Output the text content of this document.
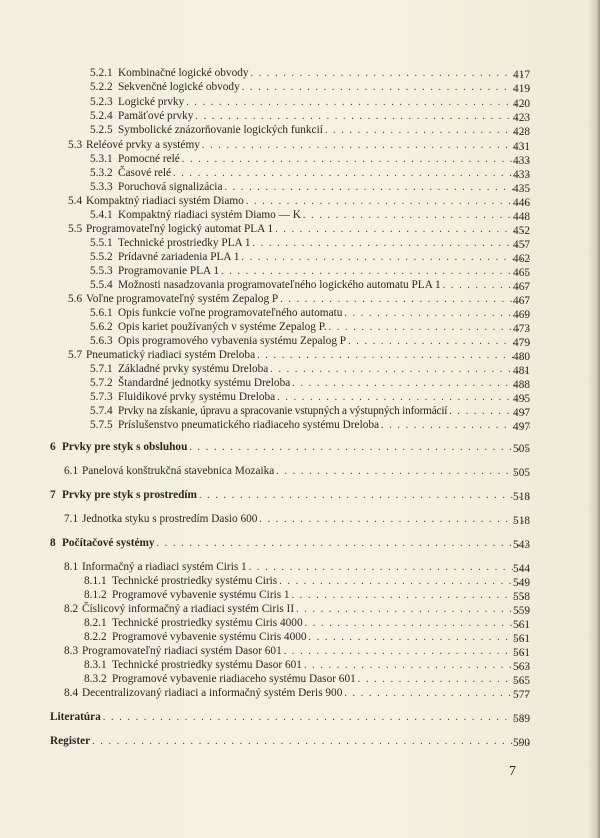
5.2.1 Kombinačné logické obvody . . .	417
5.2.2 Sekvenčné logické obvody . . .	419
5.2.3 Logické prvky . . .	420
5.2.4 Pamäťové prvky . . .	423
5.2.5 Symbolické znázorňovanie logických funkcií . . .	428
5.3 Reléové prvky a systémy . . .	431
5.3.1 Pomocné relé . . .	433
5.3.2 Časové relé . . .	433
5.3.3 Poruchová signalizácia . . .	435
5.4 Kompaktný riadiaci systém Diamo . . .	446
5.4.1 Kompaktný riadiaci systém Diamo — K . . .	448
5.5 Programovateľný logický automat PLA 1 . . .	452
5.5.1 Technické prostriedky PLA 1 . . .	457
5.5.2 Prídavné zariadenia PLA 1 . . .	462
5.5.3 Programovanie PLA 1 . . .	465
5.5.4 Možnosti nasadzovania programovateľného logického automatu PLA 1 . . .	467
5.6 Voľne programovateľný systém Zepalog P . . .	467
5.6.1 Opis funkcie voľne programovateľného automatu . . .	469
5.6.2 Opis kariet používaných v systéme Zepalog P. . . .	473
5.6.3 Opis programového vybavenia systému Zepalog P . . .	479
5.7 Pneumatický riadiaci systém Dreloba . . .	480
5.7.1 Základné prvky systému Dreloba . . .	481
5.7.2 Štandardné jednotky systému Dreloba . . .	488
5.7.3 Fluidikové prvky systému Dreloba . . .	495
5.7.4 Prvky na získanie, úpravu a spracovanie vstupných a výstupných informácií . . .	497
5.7.5 Príslušenstvo pneumatického riadiaceho systému Dreloba . . .	497
6 Prvky pre styk s obsluhou . . .	505
6.1 Panelová konštrukčná stavebnica Mozaika . . .	505
7 Prvky pre styk s prostredím . . .	518
7.1 Jednotka styku s prostredím Dasio 600 . . .	518
8 Počítačové systémy . . .	543
8.1 Informačný a riadiaci systém Ciris 1 . . .	544
8.1.1 Technické prostriedky systému Ciris . . .	549
8.1.2 Programové vybavenie systému Ciris 1 . . .	558
8.2 Číslicový informačný a riadiaci systém Ciris II . . .	559
8.2.1 Technické prostriedky systému Ciris 4000 . . .	561
8.2.2 Programové vybavenie systému Ciris 4000 . . .	561
8.3 Programovateľný riadiaci systém Dasor 601 . . .	561
8.3.1 Technické prostriedky systému Dasor 601 . . .	563
8.3.2 Programové vybavenie riadiaceho systému Dasor 601 . . .	565
8.4 Decentralizovaný riadiaci a informačný systém Deris 900 . . .	577
Literatúra . . .	589
Register . . .	590
7
